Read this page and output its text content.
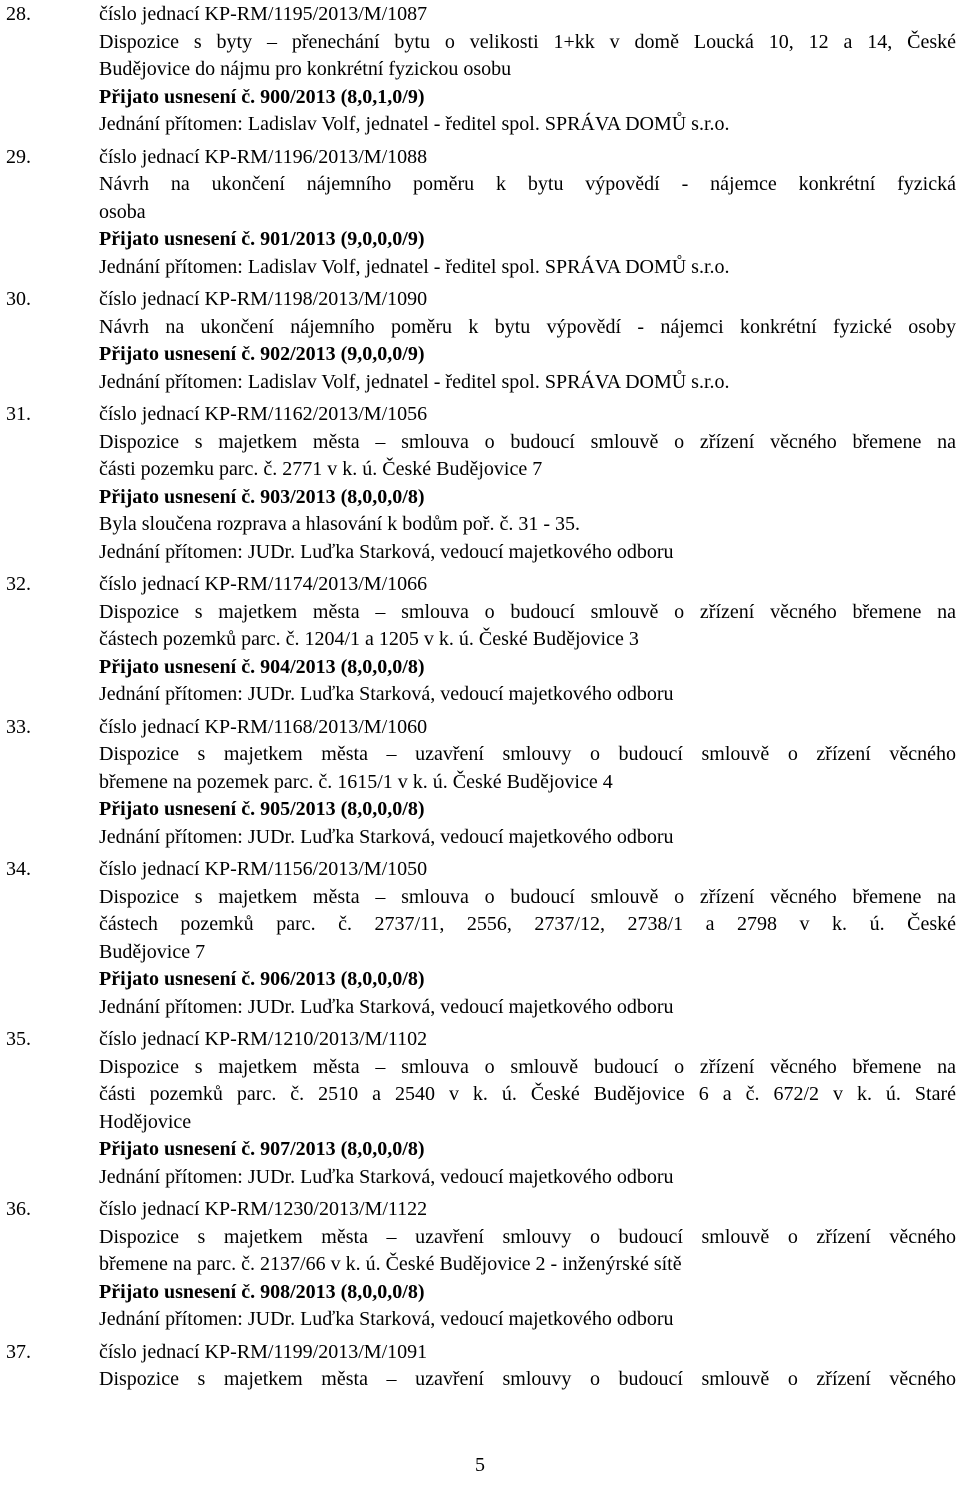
28.	číslo jednací KP-RM/1195/2013/M/1087
Dispozice s byty – přenechání bytu o velikosti 1+kk v domě Loucká 10, 12 a 14, České
Budějovice do nájmu pro konkrétní fyzickou osobu
Přijato usnesení č. 900/2013 (8,0,1,0/9)
Jednání přítomen: Ladislav Volf, jednatel - ředitel spol. SPRÁVA DOMŮ s.r.o.
29.	číslo jednací KP-RM/1196/2013/M/1088
Návrh na ukončení nájemního poměru k bytu výpovědí - nájemce konkrétní fyzická
osoba
Přijato usnesení č. 901/2013 (9,0,0,0/9)
Jednání přítomen: Ladislav Volf, jednatel - ředitel spol. SPRÁVA DOMŮ s.r.o.
30.	číslo jednací KP-RM/1198/2013/M/1090
Návrh na ukončení nájemního poměru k bytu výpovědí - nájemci konkrétní fyzické osoby
Přijato usnesení č. 902/2013 (9,0,0,0/9)
Jednání přítomen: Ladislav Volf, jednatel - ředitel spol. SPRÁVA DOMŮ s.r.o.
31.	číslo jednací KP-RM/1162/2013/M/1056
Dispozice s majetkem města – smlouva o budoucí smlouvě o zřízení věcného břemene na
části pozemku parc. č. 2771 v k. ú. České Budějovice 7
Přijato usnesení č. 903/2013 (8,0,0,0/8)
Byla sloučena rozprava a hlasování k bodům poř. č. 31 - 35.
Jednání přítomen: JUDr. Luďka Starková, vedoucí majetkového odboru
32.	číslo jednací KP-RM/1174/2013/M/1066
Dispozice s majetkem města – smlouva o budoucí smlouvě o zřízení věcného břemene na
částech pozemků parc. č. 1204/1 a 1205 v k. ú. České Budějovice 3
Přijato usnesení č. 904/2013 (8,0,0,0/8)
Jednání přítomen: JUDr. Luďka Starková, vedoucí majetkového odboru
33.	číslo jednací KP-RM/1168/2013/M/1060
Dispozice s majetkem města – uzavření smlouvy o budoucí smlouvě o zřízení věcného
břemene na pozemek parc. č. 1615/1 v k. ú. České Budějovice 4
Přijato usnesení č. 905/2013 (8,0,0,0/8)
Jednání přítomen: JUDr. Luďka Starková, vedoucí majetkového odboru
34.	číslo jednací KP-RM/1156/2013/M/1050
Dispozice s majetkem města – smlouva o budoucí smlouvě o zřízení věcného břemene na
částech pozemků parc. č. 2737/11, 2556, 2737/12, 2738/1 a 2798 v k. ú. České
Budějovice 7
Přijato usnesení č. 906/2013 (8,0,0,0/8)
Jednání přítomen: JUDr. Luďka Starková, vedoucí majetkového odboru
35.	číslo jednací KP-RM/1210/2013/M/1102
Dispozice s majetkem města – smlouva o smlouvě budoucí o zřízení věcného břemene na
části pozemků parc. č. 2510 a 2540 v k. ú. České Budějovice 6 a č. 672/2 v k. ú. Staré
Hodějovice
Přijato usnesení č. 907/2013 (8,0,0,0/8)
Jednání přítomen: JUDr. Luďka Starková, vedoucí majetkového odboru
36.	číslo jednací KP-RM/1230/2013/M/1122
Dispozice s majetkem města – uzavření smlouvy o budoucí smlouvě o zřízení věcného
břemene na parc. č. 2137/66 v k. ú. České Budějovice 2 - inženýrské sítě
Přijato usnesení č. 908/2013 (8,0,0,0/8)
Jednání přítomen: JUDr. Luďka Starková, vedoucí majetkového odboru
37.	číslo jednací KP-RM/1199/2013/M/1091
Dispozice s majetkem města – uzavření smlouvy o budoucí smlouvě o zřízení věcného
5
